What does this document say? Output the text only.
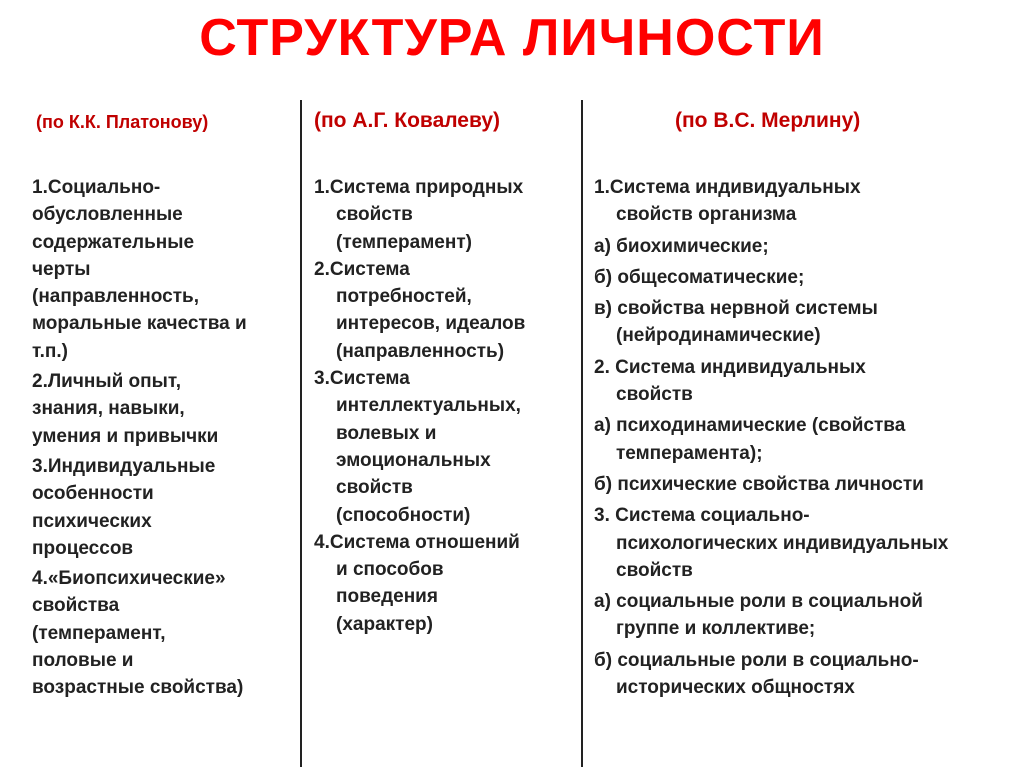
СТРУКТУРА ЛИЧНОСТИ
(по К.К. Платонову)

1.Социально-
обусловленные
содержательные
черты
(направленность,
моральные качества и
т.п.)

2.Личный опыт,
знания, навыки,
умения и привычки

3.Индивидуальные
особенности
психических
процессов

4.«Биопсихические»
свойства
(темперамент,
половые и
возрастные свойства)

(по А.Г. Ковалеву)

1.Система природных
свойств
(темперамент)

2.Система
потребностей,
интересов, идеалов
(направленность)

3.Система
интеллектуальных,
волевых и
эмоциональных
свойств
(способности)

4.Система отношений
и способов
поведения
(характер)

(по В.С. Мерлину)

1.Система индивидуальных
свойств организма

а) биохимические;

б) общесоматические;

в) свойства нервной системы
(нейродинамические)

2. Система индивидуальных
свойств

а) психодинамические (свойства
темперамента);

б) психические свойства личности

3. Система социально-
психологических индивидуальных
свойств

а) социальные роли в социальной
группе и коллективе;

б) социальные роли в социально-
исторических общностях
